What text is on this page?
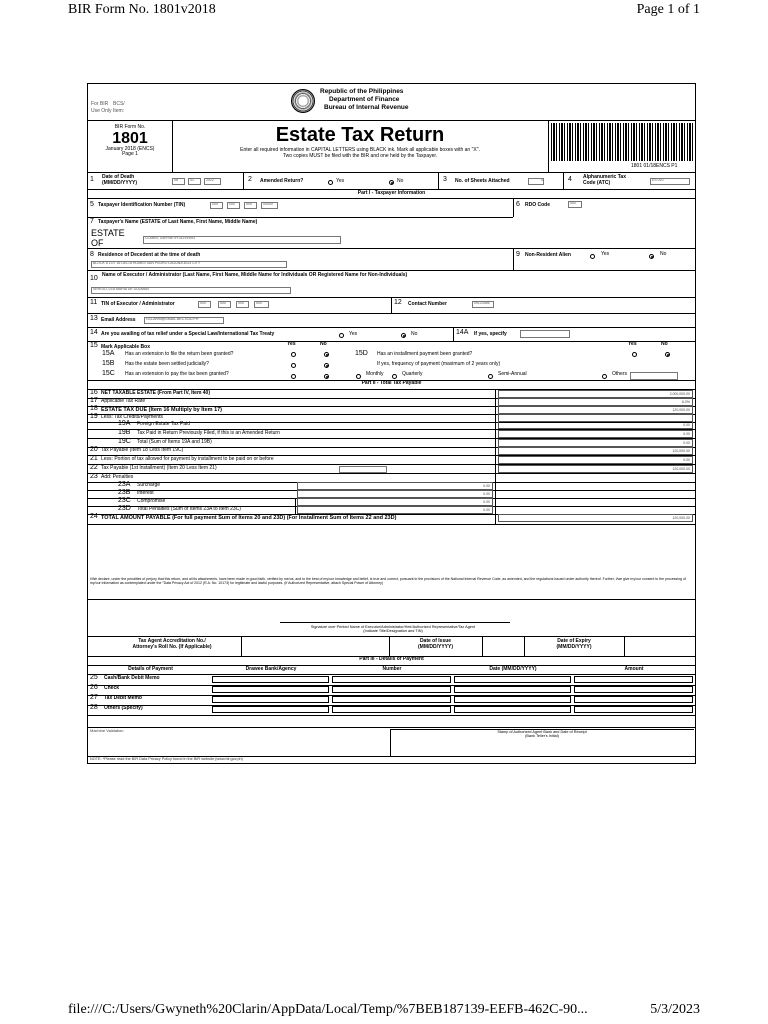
BIR Form No. 1801v2018	Page 1 of 1
For BIR
Use Only
BCS/
Item:
Republic of the Philippines
Department of Finance
Bureau of Internal Revenue
BIR Form No.
1801
January 2018 (ENCS)
Page 1
Estate Tax Return
Enter all required information in CAPITAL LETTERS using BLACK ink. Mark all applicable boxes with an "X".
Two copies MUST be filed with the BIR and one held by the Taxpayer.
1801 01/18ENCS P1
1 Date of Death (MM/DD/YYYY)	08	01	2022	2 Amended Return?	Yes	No	3 No. of Sheets Attached	0	4 Alphanumeric Tax Code (ATC)	ES 010
Part I - Taxpayer Information
5 Taxpayer Identification Number (TIN)	000	000	000	00000	6 RDO Code	000
7 Taxpayer's Name (ESTATE of Last Name, First Name, Middle Name)
ESTATE
OF	CLARIN, GWYNETH OLIVERIO
8 Residence of Decedent at the time of death
BLOCK 8 LOT 16 DELTA HOMES SAN PEDRO LAGUNA 4023 CITY
9 Non-Resident Alien	Yes	No
10 Name of Executor / Administrator (Last Name, First Name, Middle Name for Individuals OR Registered Name for Non-Individuals)
SERGIO, LEA MARIA DE GUZMAN
11 TIN of Executor / Administrator	000	000	000	000	12 Contact Number	09123456
13 Email Address	GCLARIN@GMAIL.BEC.EDU.PH
14 Are you availing of tax relief under a Special Law/International Tax Treaty	Yes	No	14A If yes, specify
15 Mark Applicable Box	Yes	No	Yes	No
15A Has an extension to file the return been granted?
15B Has the estate been settled judicially?
15C Has an extension to pay the tax been granted?
15D Has an installment payment been granted?
If yes, frequency of payment (maximum of 2 years only)
Monthly	Quarterly	Semi-Annual	Others
Part II - Total Tax Payable
16 NET TAXABLE ESTATE (From Part IV, Item 40)	2,000,000.00
17 Applicable Tax Rate	6.0%
18 ESTATE TAX DUE (Item 16 Multiply by Item 17)	120,000.00
19 Less: Tax Credits/Payments
19A Foreign Estate Tax Paid	0.00
19B Tax Paid in Return Previously Filed, if this is an Amended Return	0.00
19C Total (Sum of Items 19A and 19B)	0.00
20 Tax Payable (Item 18 Less Item 19C)	120,000.00
21 Less: Portion of tax allowed for payment by installment to be paid on or before	0.00
22 Tax Payable (1st Installment) (Item 20 Less Item 21)	120,000.00
23 Add: Penalties
23A Surcharge	0.00
23B Interest	0.00
23C Compromise	0.00
23D Total Penalties (Sum of Items 23A to Item 23C)	0.00
24 TOTAL AMOUNT PAYABLE (For full payment Sum of Items 20 and 23D) (For Installment Sum of Items 22 and 23D)	120,000.00
I/We declare, under the penalties of perjury that this return, and all its attachments, have been made in good faith, verified by me/us, and to the best of my/our knowledge and belief, is true and correct, pursuant to the provisions of the National Internal Revenue Code, as amended, and the regulations issued under authority thereof. Further, I/we give my/our consent to the processing of my/our information as contemplated under the "Data Privacy Act of 2012 (R.A. No. 10173) for legitimate and lawful purposes. (If Authorized Representative, attach Special Power of Attorney)
Signature over Printed Name of Executor/Administrator/Heir/Authorized Representative/Tax Agent
(Indicate Title/Designation and TIN)
Tax Agent Accreditation No./
Attorney's Roll No. (If Applicable)
Date of Issue
(MM/DD/YYYY)
Date of Expiry
(MM/DD/YYYY)
Part III - Details of Payment
Details of Payment	Drawee Bank/Agency	Number	Date (MM/DD/YYYY)	Amount
25 Cash/Bank Debit Memo
26 Check
27 Tax Debit Memo
28 Others (Specify)
Machine Validation	Stamp of Authorized Agent Bank and Date of Receipt
(Bank Teller's Initial)
NOTE: *Please read the BIR Data Privacy Policy found in the BIR website (www.bir.gov.ph)
file:///C:/Users/Gwyneth%20Clarin/AppData/Local/Temp/%7BEB187139-EEFB-462C-90...	5/3/2023
